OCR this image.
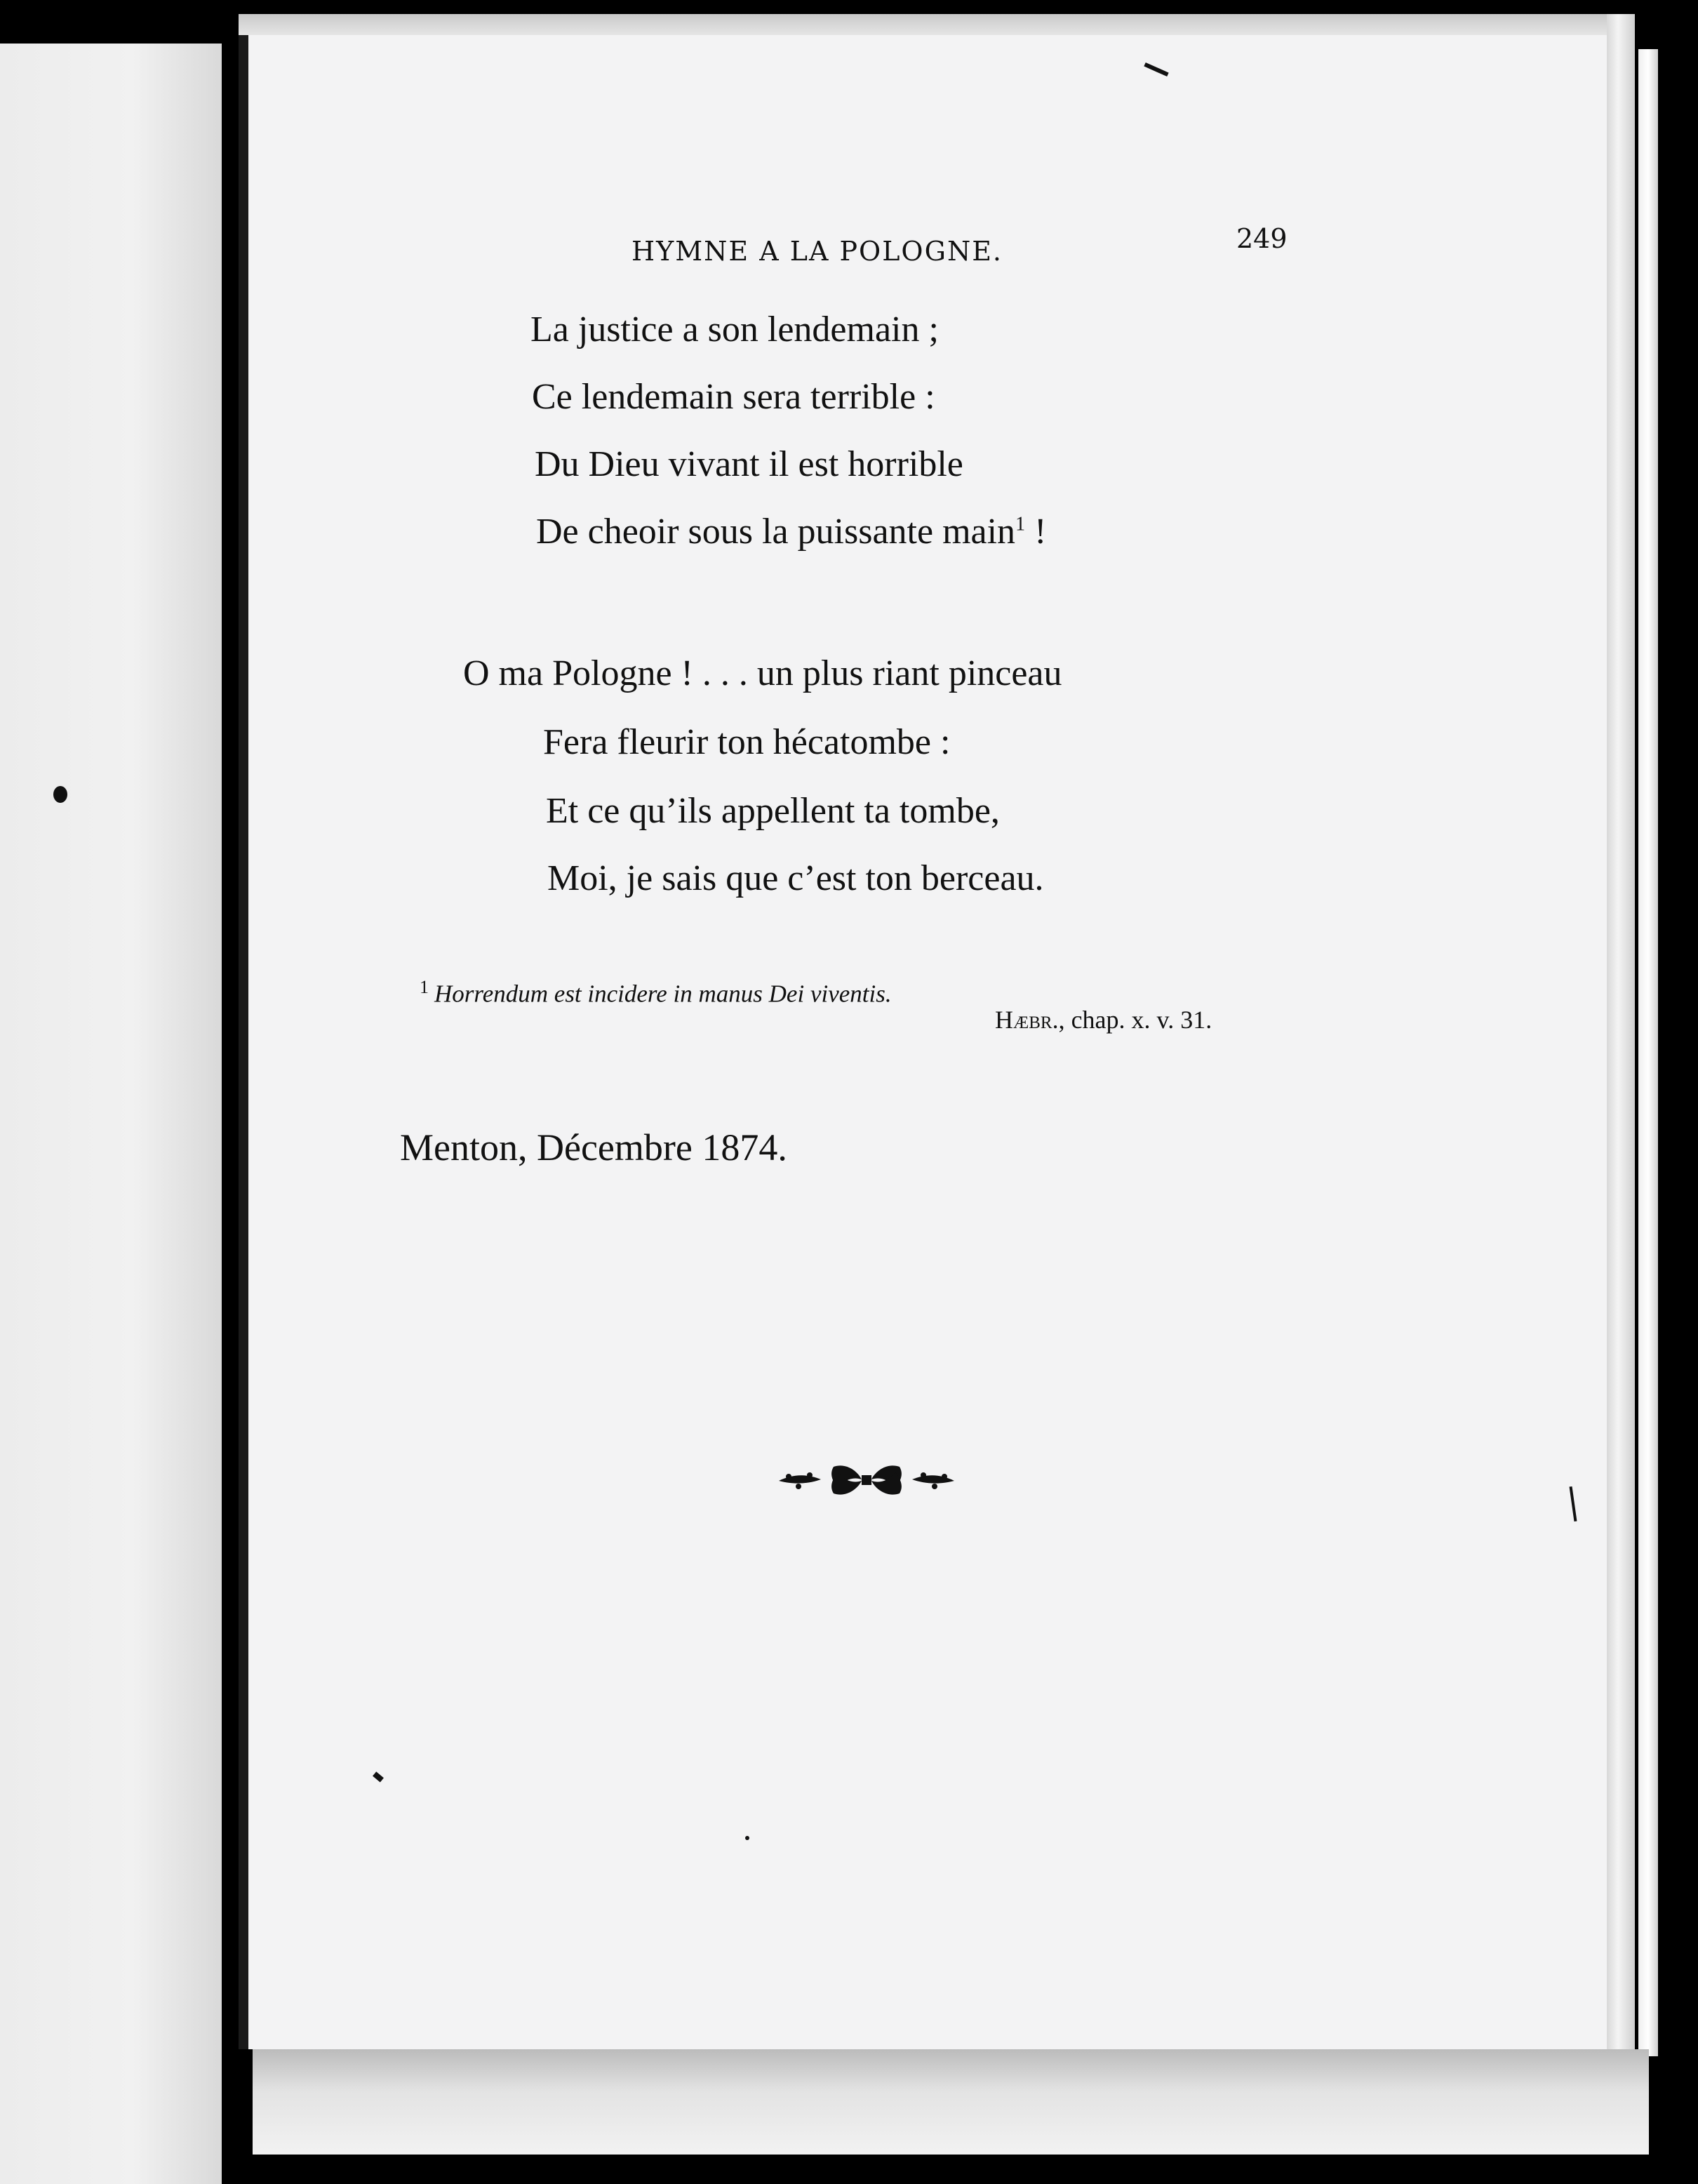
HYMNE A LA POLOGNE.	249
La justice a son lendemain ;
Ce lendemain sera terrible :
Du Dieu vivant il est horrible
De cheoir sous la puissante main$^1$ !
O ma Pologne ! . . . un plus riant pinceau
Fera fleurir ton hécatombe :
Et ce qu’ils appellent ta tombe,
Moi, je sais que c’est ton berceau.
$^1$ Horrendum est incidere in manus Dei viventis.
Hæbr., chap. x. v. 31.
Menton, Décembre 1874.
